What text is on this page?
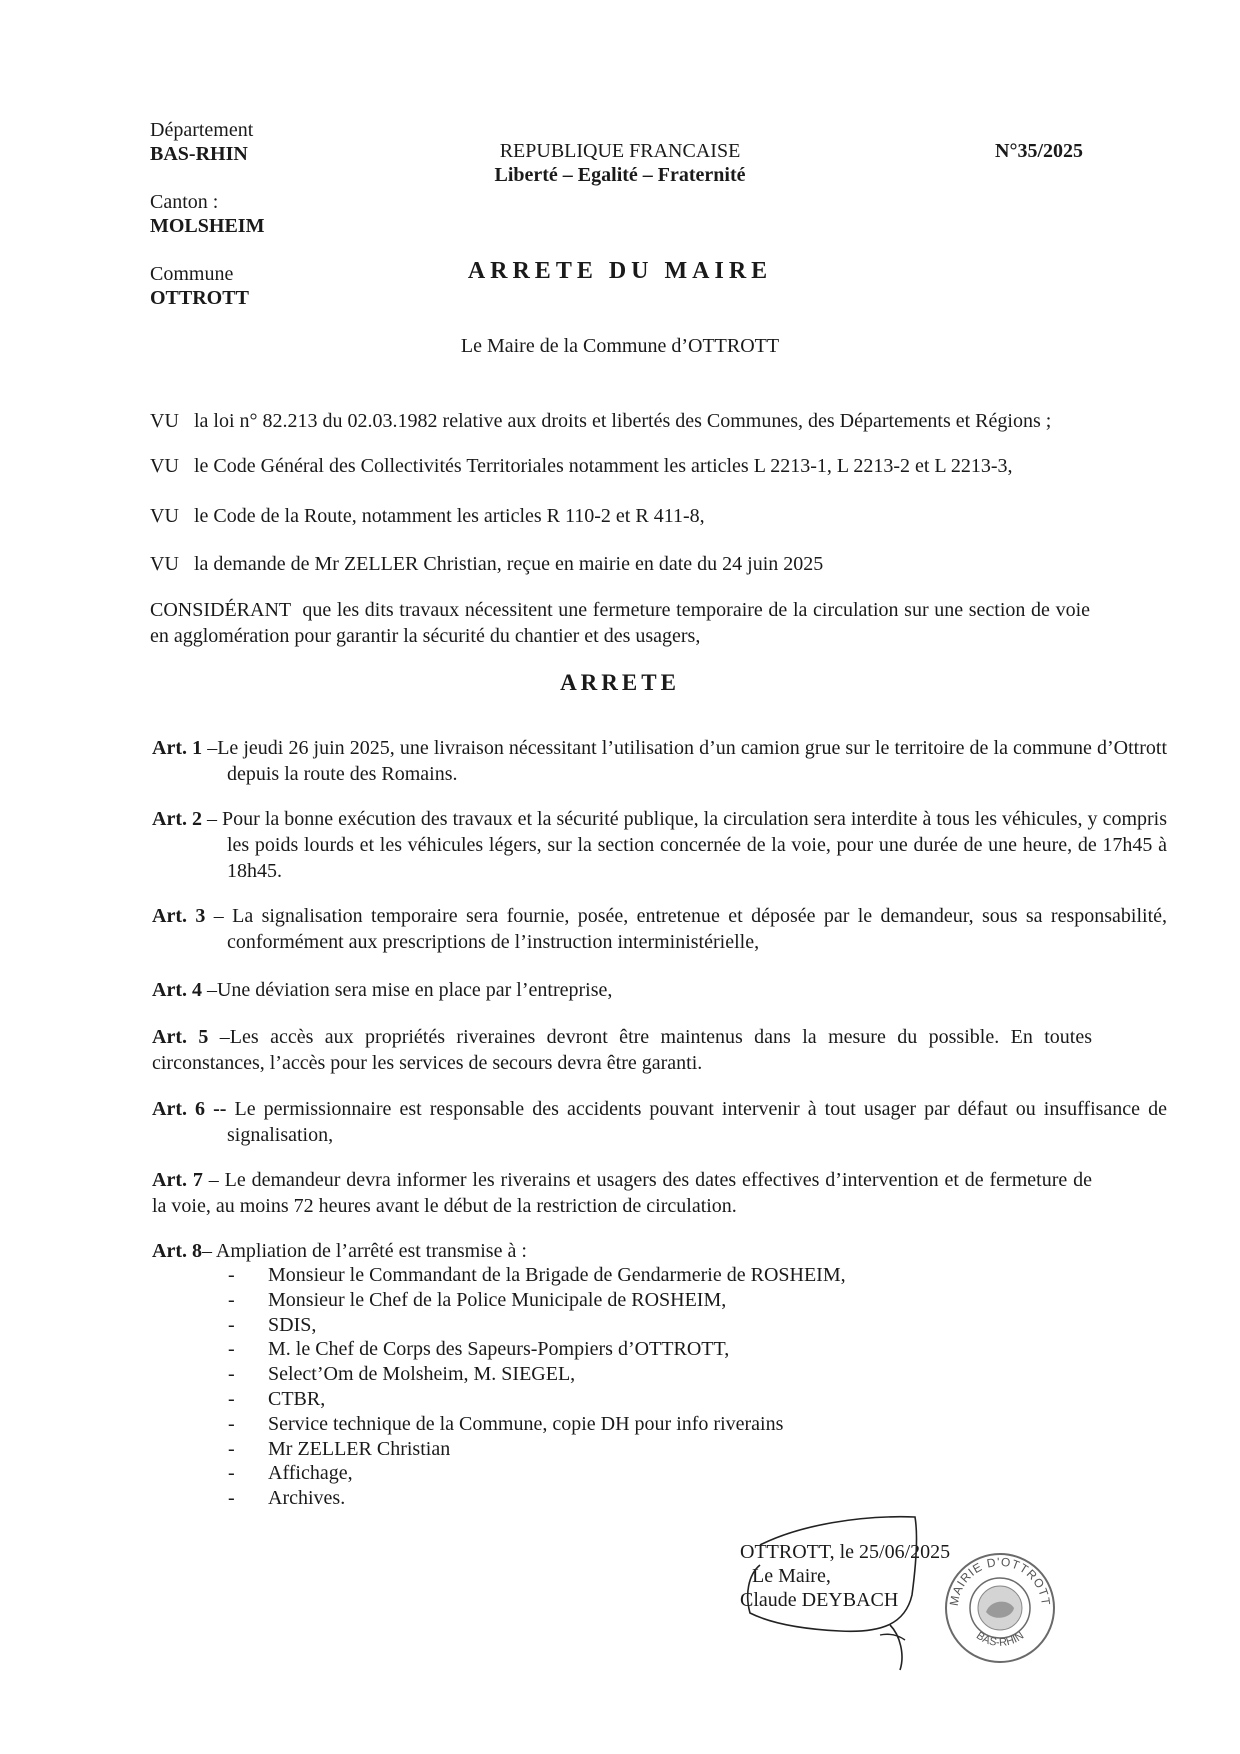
Département
BAS-RHIN
Canton :
MOLSHEIM
Commune
OTTROTT
REPUBLIQUE FRANCAISE
Liberté – Egalité – Fraternité
N°35/2025
ARRETE DU MAIRE
Le Maire de la Commune d’OTTROTT
VU la loi n° 82.213 du 02.03.1982 relative aux droits et libertés des Communes, des Départements et Régions ;
VU le Code Général des Collectivités Territoriales notamment les articles L 2213-1, L 2213-2 et L 2213-3,
VU le Code de la Route, notamment les articles R 110-2 et R 411-8,
VU la demande de Mr ZELLER Christian, reçue en mairie en date du 24 juin 2025
CONSIDÉRANT que les dits travaux nécessitent une fermeture temporaire de la circulation sur une section de voie en agglomération pour garantir la sécurité du chantier et des usagers,
ARRETE
Art. 1 –Le jeudi 26 juin 2025, une livraison nécessitant l’utilisation d’un camion grue sur le territoire de la commune d’Ottrott depuis la route des Romains.
Art. 2 – Pour la bonne exécution des travaux et la sécurité publique, la circulation sera interdite à tous les véhicules, y compris les poids lourds et les véhicules légers, sur la section concernée de la voie, pour une durée de une heure, de 17h45 à 18h45.
Art. 3 – La signalisation temporaire sera fournie, posée, entretenue et déposée par le demandeur, sous sa responsabilité, conformément aux prescriptions de l’instruction interministérielle,
Art. 4 –Une déviation sera mise en place par l’entreprise,
Art. 5 –Les accès aux propriétés riveraines devront être maintenus dans la mesure du possible. En toutes circonstances, l’accès pour les services de secours devra être garanti.
Art. 6 -- Le permissionnaire est responsable des accidents pouvant intervenir à tout usager par défaut ou insuffisance de signalisation,
Art. 7 – Le demandeur devra informer les riverains et usagers des dates effectives d’intervention et de fermeture de la voie, au moins 72 heures avant le début de la restriction de circulation.
Art. 8– Ampliation de l’arrêté est transmise à :
-	Monsieur le Commandant de la Brigade de Gendarmerie de ROSHEIM,
-	Monsieur le Chef de la Police Municipale de ROSHEIM,
-	SDIS,
-	M. le Chef de Corps des Sapeurs-Pompiers d’OTTROTT,
-	Select’Om de Molsheim, M. SIEGEL,
-	CTBR,
-	Service technique de la Commune, copie DH pour info riverains
-	Mr ZELLER Christian
-	Affichage,
-	Archives.
OTTROTT, le 25/06/2025
Le Maire,
Claude DEYBACH	MAIRIE D'OTTROTT
BAS-RHIN
